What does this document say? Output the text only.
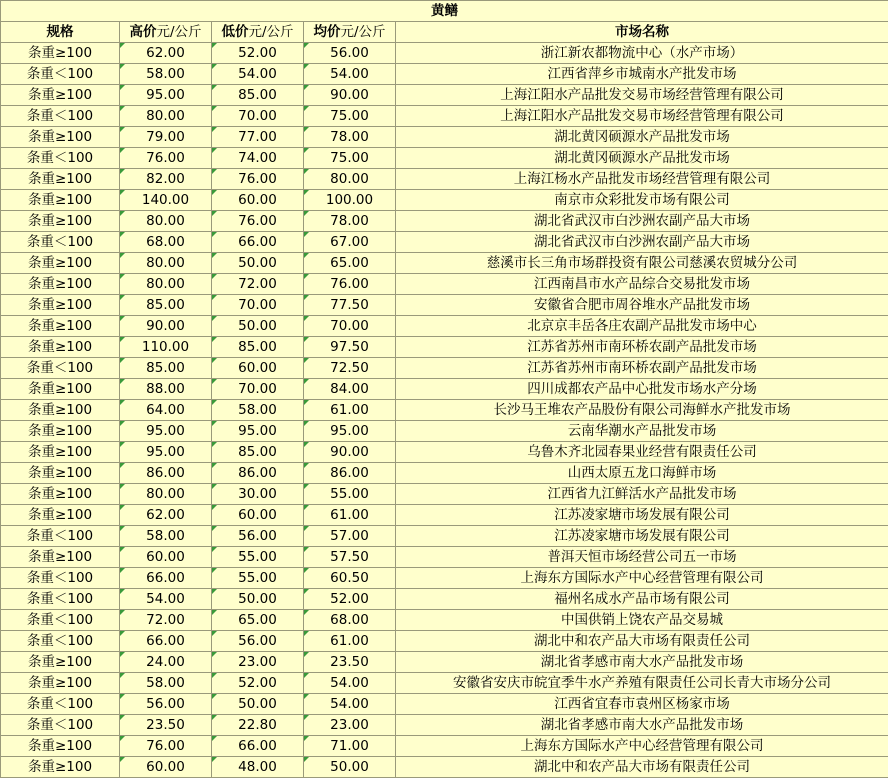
黄鳝				
规格	高价元/公斤	低价元/公斤	均价元/公斤	市场名称
条重≥100	62.00	52.00	56.00	浙江新农都物流中心（水产市场）
条重＜100	58.00	54.00	54.00	江西省萍乡市城南水产批发市场
条重≥100	95.00	85.00	90.00	上海江阳水产品批发交易市场经营管理有限公司
条重＜100	80.00	70.00	75.00	上海江阳水产品批发交易市场经营管理有限公司
条重≥100	79.00	77.00	78.00	湖北黄冈硕源水产品批发市场
条重＜100	76.00	74.00	75.00	湖北黄冈硕源水产品批发市场
条重≥100	82.00	76.00	80.00	上海江杨水产品批发市场经营管理有限公司
条重≥100	140.00	60.00	100.00	南京市众彩批发市场有限公司
条重≥100	80.00	76.00	78.00	湖北省武汉市白沙洲农副产品大市场
条重＜100	68.00	66.00	67.00	湖北省武汉市白沙洲农副产品大市场
条重≥100	80.00	50.00	65.00	慈溪市长三角市场群投资有限公司慈溪农贸城分公司
条重≥100	80.00	72.00	76.00	江西南昌市水产品综合交易批发市场
条重≥100	85.00	70.00	77.50	安徽省合肥市周谷堆水产品批发市场
条重≥100	90.00	50.00	70.00	北京京丰岳各庄农副产品批发市场中心
条重≥100	110.00	85.00	97.50	江苏省苏州市南环桥农副产品批发市场
条重＜100	85.00	60.00	72.50	江苏省苏州市南环桥农副产品批发市场
条重≥100	88.00	70.00	84.00	四川成都农产品中心批发市场水产分场
条重≥100	64.00	58.00	61.00	长沙马王堆农产品股份有限公司海鲜水产批发市场
条重≥100	95.00	95.00	95.00	云南华潮水产品批发市场
条重≥100	95.00	85.00	90.00	乌鲁木齐北园春果业经营有限责任公司
条重≥100	86.00	86.00	86.00	山西太原五龙口海鲜市场
条重≥100	80.00	30.00	55.00	江西省九江鲜活水产品批发市场
条重≥100	62.00	60.00	61.00	江苏凌家塘市场发展有限公司
条重＜100	58.00	56.00	57.00	江苏凌家塘市场发展有限公司
条重≥100	60.00	55.00	57.50	普洱天恒市场经营公司五一市场
条重＜100	66.00	55.00	60.50	上海东方国际水产中心经营管理有限公司
条重＜100	54.00	50.00	52.00	福州名成水产品市场有限公司
条重＜100	72.00	65.00	68.00	中国供销上饶农产品交易城
条重＜100	66.00	56.00	61.00	湖北中和农产品大市场有限责任公司
条重≥100	24.00	23.00	23.50	湖北省孝感市南大水产品批发市场
条重≥100	58.00	52.00	54.00	安徽省安庆市皖宜季牛水产养殖有限责任公司长青大市场分公司
条重＜100	56.00	50.00	54.00	江西省宜春市袁州区杨家市场
条重＜100	23.50	22.80	23.00	湖北省孝感市南大水产品批发市场
条重≥100	76.00	66.00	71.00	上海东方国际水产中心经营管理有限公司
条重≥100	60.00	48.00	50.00	湖北中和农产品大市场有限责任公司
